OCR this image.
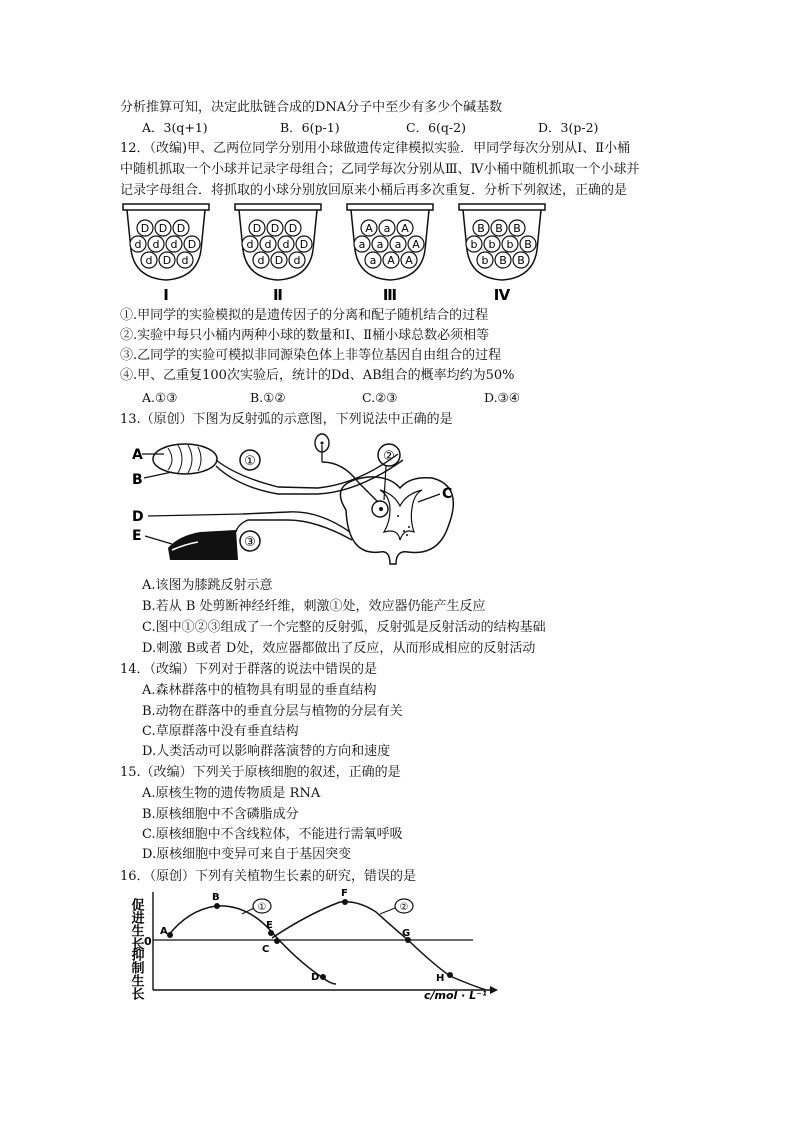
分析推算可知，决定此肽链合成的DNA分子中至少有多少个碱基数
A．3(q+1)	B．6(p-1)	C．6(q-2)	D．3(p-2)
12．（改编)甲、乙两位同学分别用小球做遗传定律模拟实验．甲同学每次分别从Ⅰ、Ⅱ小桶
中随机抓取一个小球并记录字母组合；乙同学每次分别从Ⅲ、Ⅳ小桶中随机抓取一个小球并
记录字母组合．将抓取的小球分别放回原来小桶后再多次重复．分析下列叙述，正确的是
D D D
d d d D
d D d
Ⅰ
D D D
d d d D
d D d
Ⅱ
A a A
a a a A
a A A
Ⅲ
B B B
b b b B
b B B
Ⅳ
①.甲同学的实验模拟的是遗传因子的分离和配子随机结合的过程
②.实验中每只小桶内两种小球的数量和Ⅰ、Ⅱ桶小球总数必须相等
③.乙同学的实验可模拟非同源染色体上非等位基因自由组合的过程
④.甲、乙重复100次实验后，统计的Dd、AB组合的概率均约为50%
A.①③	B.①②	C.②③	D.③④
13.（原创）下图为反射弧的示意图，下列说法中正确的是
A
B
①	②
C
D
E	③
A.该图为膝跳反射示意
B.若从 B 处剪断神经纤维，刺激①处，效应器仍能产生反应
C.图中①②③组成了一个完整的反射弧，反射弧是反射活动的结构基础
D.刺激 B或者 D处，效应器都做出了反应，从而形成相应的反射活动
14．（改编）下列对于群落的说法中错误的是
A.森林群落中的植物具有明显的垂直结构
B.动物在群落中的垂直分层与植物的分层有关
C.草原群落中没有垂直结构
D.人类活动可以影响群落演替的方向和速度
15.（改编）下列关于原核细胞的叙述，正确的是
A.原核生物的遗传物质是 RNA
B.原核细胞中不含磷脂成分
C.原核细胞中不含线粒体，不能进行需氧呼吸
D.原核细胞中变异可来自于基因突变
16．（原创）下列有关植物生长素的研究，错误的是
促进生长
抑制生长
0
A
B
E
C
D
F
G
H
①	②
c/mol · L⁻¹
